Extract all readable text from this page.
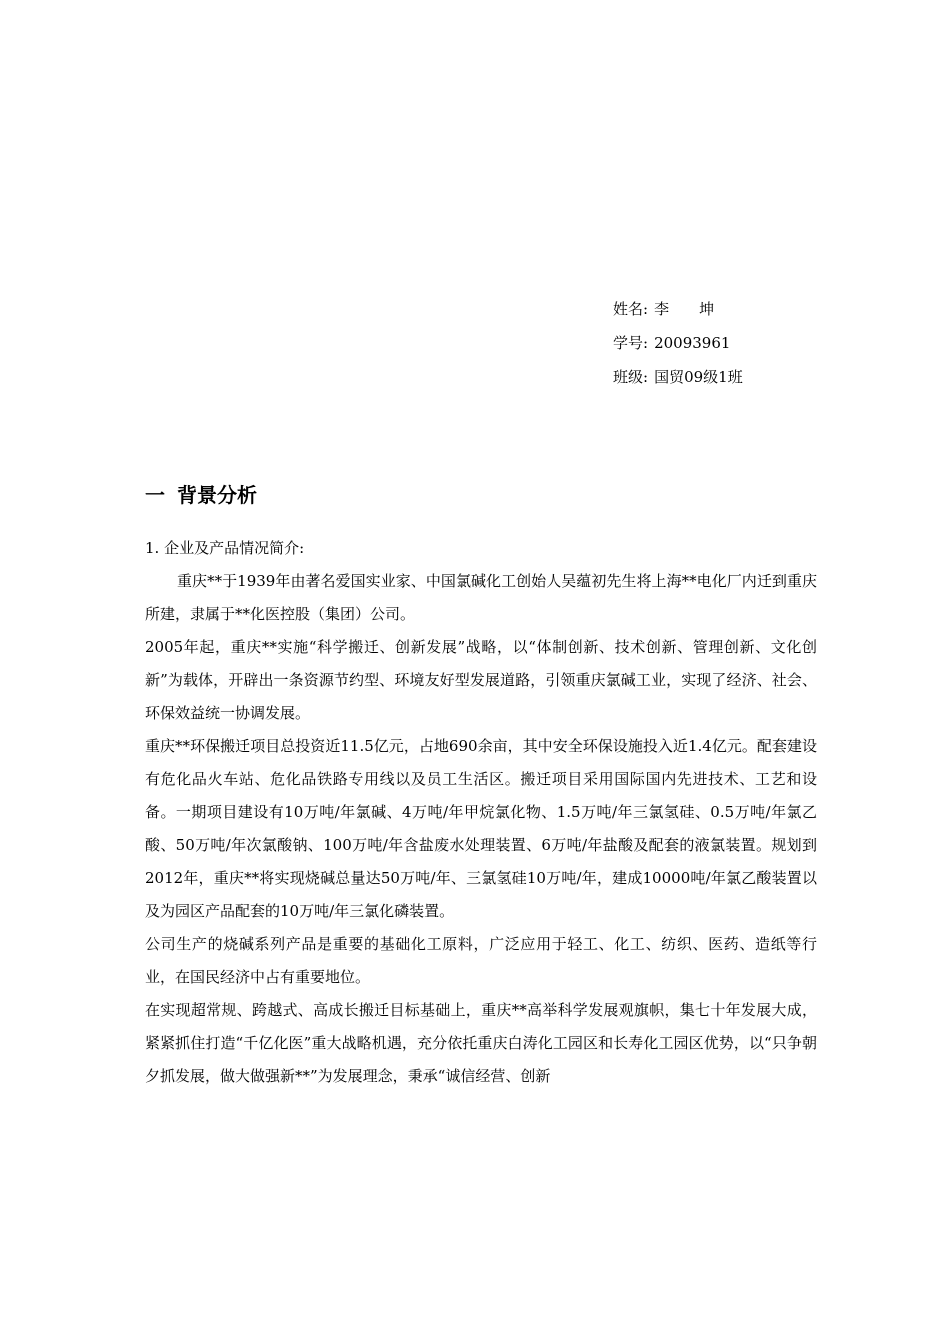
姓名: 李　　坤
学号: 20093961
班级: 国贸09级1班
一 背景分析

1. 企业及产品情况简介:

重庆**于1939年由著名爱国实业家、中国氯碱化工创始人吴蕴初先生将上海**电化厂内迁到重庆所建，隶属于**化医控股（集团）公司。

2005年起，重庆**实施“科学搬迁、创新发展”战略，以“体制创新、技术创新、管理创新、文化创新”为载体，开辟出一条资源节约型、环境友好型发展道路，引领重庆氯碱工业，实现了经济、社会、环保效益统一协调发展。

重庆**环保搬迁项目总投资近11.5亿元，占地690余亩，其中安全环保设施投入近1.4亿元。配套建设有危化品火车站、危化品铁路专用线以及员工生活区。搬迁项目采用国际国内先进技术、工艺和设备。一期项目建设有10万吨/年氯碱、4万吨/年甲烷氯化物、1.5万吨/年三氯氢硅、0.5万吨/年氯乙酸、50万吨/年次氯酸钠、100万吨/年含盐废水处理装置、6万吨/年盐酸及配套的液氯装置。规划到2012年，重庆**将实现烧碱总量达50万吨/年、三氯氢硅10万吨/年，建成10000吨/年氯乙酸装置以及为园区产品配套的10万吨/年三氯化磷装置。

公司生产的烧碱系列产品是重要的基础化工原料，广泛应用于轻工、化工、纺织、医药、造纸等行业，在国民经济中占有重要地位。

在实现超常规、跨越式、高成长搬迁目标基础上，重庆**高举科学发展观旗帜，集七十年发展大成，紧紧抓住打造“千亿化医”重大战略机遇，充分依托重庆白涛化工园区和长寿化工园区优势，以“只争朝夕抓发展，做大做强新**”为发展理念，秉承“诚信经营、创新
